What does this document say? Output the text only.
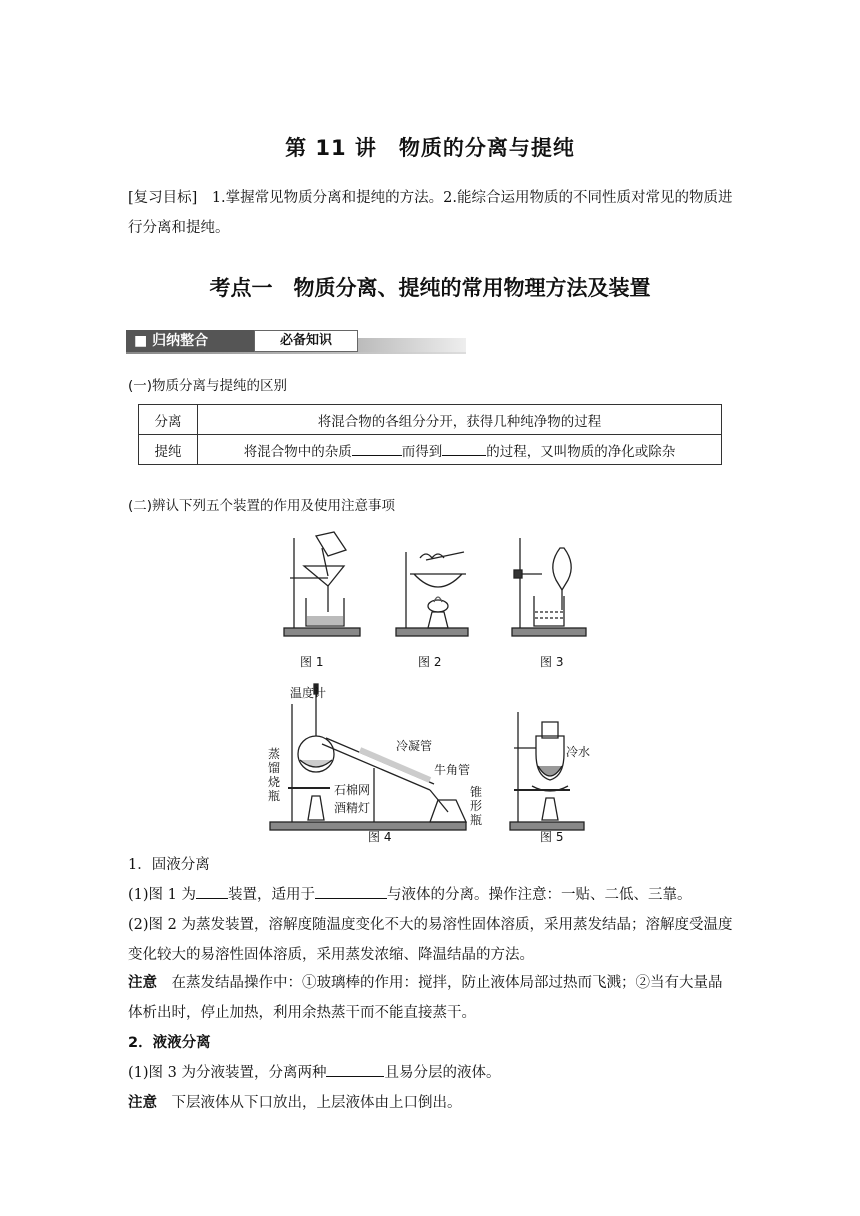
第 11 讲　物质的分离与提纯
[复习目标]　1.掌握常见物质分离和提纯的方法。2.能综合运用物质的不同性质对常见的物质进行分离和提纯。
考点一　物质分离、提纯的常用物理方法及装置
■ 归纳整合	必备知识
(一)物质分离与提纯的区别
分离	将混合物的各组分分开，获得几种纯净物的过程
提纯	将混合物中的杂质 而得到 的过程，又叫物质的净化或除杂
(二)辨认下列五个装置的作用及使用注意事项
图 1	图 2	图 3
温度计
蒸
馏
烧
瓶
冷凝管
牛角管
石棉网
酒精灯
锥
形
瓶
图 4
冷水
图 5
1．固液分离
(1)图 1 为 装置，适用于	与液体的分离。操作注意：一贴、二低、三靠。
(2)图 2 为蒸发装置，溶解度随温度变化不大的易溶性固体溶质，采用蒸发结晶；溶解度受温度变化较大的易溶性固体溶质，采用蒸发浓缩、降温结晶的方法。
注意　在蒸发结晶操作中：①玻璃棒的作用：搅拌，防止液体局部过热而飞溅；②当有大量晶体析出时，停止加热，利用余热蒸干而不能直接蒸干。
2．液液分离
(1)图 3 为分液装置，分离两种	且易分层的液体。
注意　下层液体从下口放出，上层液体由上口倒出。
